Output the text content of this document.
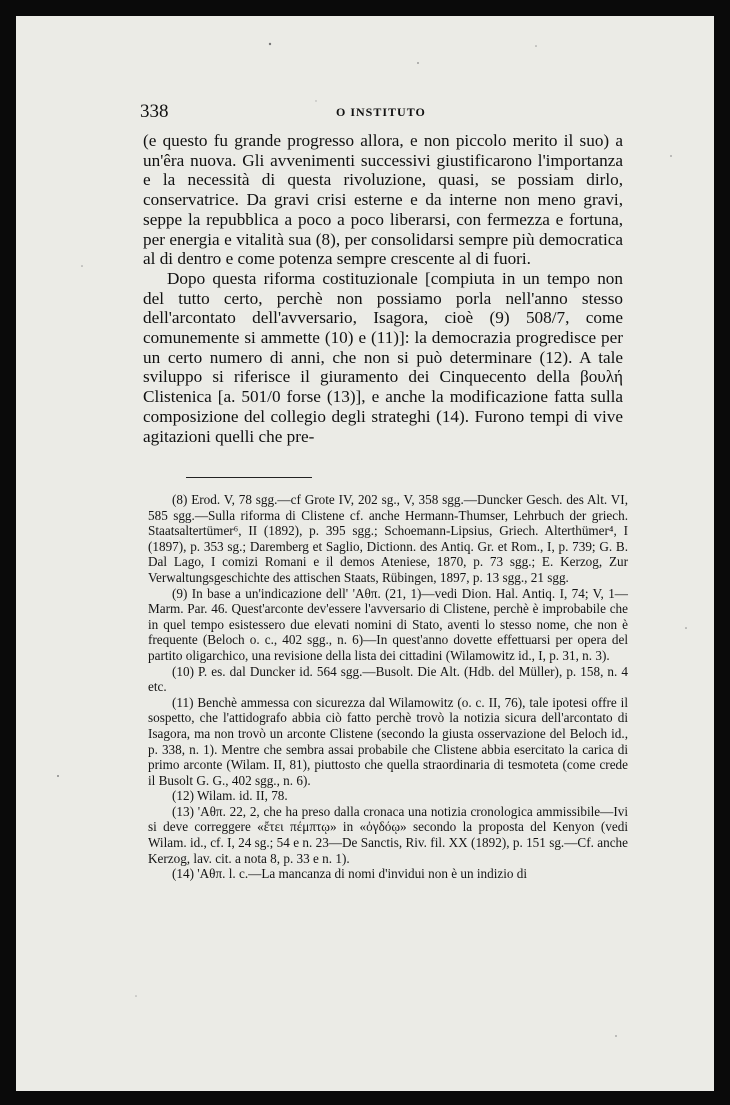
338	O INSTITUTO

(e questo fu grande progresso allora, e non piccolo merito il suo) a un'êra nuova. Gli avvenimenti successivi giustificarono l'importanza e la necessità di questa rivoluzione, quasi, se possiam dirlo, conservatrice. Da gravi crisi esterne e da interne non meno gravi, seppe la repubblica a poco a poco liberarsi, con fermezza e fortuna, per energia e vitalità sua (8), per consolidarsi sempre più democratica al di dentro e come potenza sempre crescente al di fuori.

Dopo questa riforma costituzionale [compiuta in un tempo non del tutto certo, perchè non possiamo porla nell'anno stesso dell'arcontato dell'avversario, Isagora, cioè (9) 508/7, come comunemente si ammette (10) e (11)]: la democrazia progredisce per un certo numero di anni, che non si può determinare (12). A tale sviluppo si riferisce il giuramento dei Cinquecento della βουλή Clistenica [a. 501/0 forse (13)], e anche la modificazione fatta sulla composizione del collegio degli strateghi (14). Furono tempi di vive agitazioni quelli che pre-

(8) Erod. V, 78 sgg.—cf Grote IV, 202 sg., V, 358 sgg.—Duncker Gesch. des Alt. VI, 585 sgg.—Sulla riforma di Clistene cf. anche Hermann-Thumser, Lehrbuch der griech. Staatsaltertümer⁶, II (1892), p. 395 sgg.; Schoemann-Lipsius, Griech. Alterthümer⁴, I (1897), p. 353 sg.; Daremberg et Saglio, Dictionn. des Antiq. Gr. et Rom., I, p. 739; G. B. Dal Lago, I comizi Romani e il demos Ateniese, 1870, p. 73 sgg.; E. Kerzog, Zur Verwaltungsgeschichte des attischen Staats, Rübingen, 1897, p. 13 sgg., 21 sgg.

(9) In base a un'indicazione dell' 'Αθπ. (21, 1)—vedi Dion. Hal. Antiq. I, 74; V, 1—Marm. Par. 46. Quest'arconte dev'essere l'avversario di Clistene, perchè è improbabile che in quel tempo esistessero due elevati nomini di Stato, aventi lo stesso nome, che non è frequente (Beloch o. c., 402 sgg., n. 6)—In quest'anno dovette effettuarsi per opera del partito oligarchico, una revisione della lista dei cittadini (Wilamowitz id., I, p. 31, n. 3).

(10) P. es. dal Duncker id. 564 sgg.—Busolt. Die Alt. (Hdb. del Müller), p. 158, n. 4 etc.

(11) Benchè ammessa con sicurezza dal Wilamowitz (o. c. II, 76), tale ipotesi offre il sospetto, che l'attidografo abbia ciò fatto perchè trovò la notizia sicura dell'arcontato di Isagora, ma non trovò un arconte Clistene (secondo la giusta osservazione del Beloch id., p. 338, n. 1). Mentre che sembra assai probabile che Clistene abbia esercitato la carica di primo arconte (Wilam. II, 81), piuttosto che quella straordinaria di tesmoteta (come crede il Busolt G. G., 402 sgg., n. 6).

(12) Wilam. id. II, 78.

(13) 'Αθπ. 22, 2, che ha preso dalla cronaca una notizia cronologica ammissibile—Ivi si deve correggere «ἔτει πέμπτῳ» in «ὀγδόῳ» secondo la proposta del Kenyon (vedi Wilam. id., cf. I, 24 sg.; 54 e n. 23—De Sanctis, Riv. fil. XX (1892), p. 151 sg.—Cf. anche Kerzog, lav. cit. a nota 8, p. 33 e n. 1).

(14) 'Αθπ. l. c.—La mancanza di nomi d'invidui non è un indizio di
